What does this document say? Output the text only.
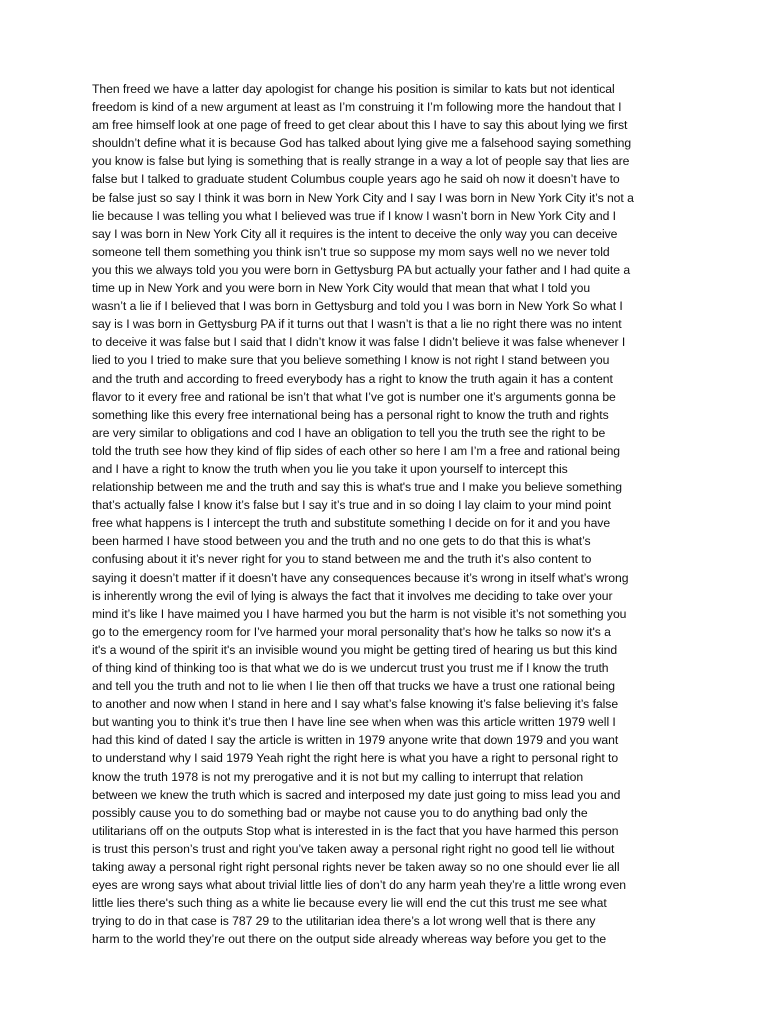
Then freed we have a latter day apologist for change his position is similar to kats but not identical
freedom is kind of a new argument at least as I’m construing it I’m following more the handout that I
am free himself look at one page of freed to get clear about this I have to say this about lying we first
shouldn’t define what it is because God has talked about lying give me a falsehood saying something
you know is false but lying is something that is really strange in a way a lot of people say that lies are
false but I talked to graduate student Columbus couple years ago he said oh now it doesn’t have to
be false just so say I think it was born in New York City and I say I was born in New York City it’s not a
lie because I was telling you what I believed was true if I know I wasn’t born in New York City and I
say I was born in New York City all it requires is the intent to deceive the only way you can deceive
someone tell them something you think isn’t true so suppose my mom says well no we never told
you this we always told you you were born in Gettysburg PA but actually your father and I had quite a
time up in New York and you were born in New York City would that mean that what I told you
wasn’t a lie if I believed that I was born in Gettysburg and told you I was born in New York So what I
say is I was born in Gettysburg PA if it turns out that I wasn’t is that a lie no right there was no intent
to deceive it was false but I said that I didn’t know it was false I didn’t believe it was false whenever I
lied to you I tried to make sure that you believe something I know is not right I stand between you
and the truth and according to freed everybody has a right to know the truth again it has a content
flavor to it every free and rational be isn’t that what I’ve got is number one it’s arguments gonna be
something like this every free international being has a personal right to know the truth and rights
are very similar to obligations and cod I have an obligation to tell you the truth see the right to be
told the truth see how they kind of flip sides of each other so here I am I’m a free and rational being
and I have a right to know the truth when you lie you take it upon yourself to intercept this
relationship between me and the truth and say this is what's true and I make you believe something
that’s actually false I know it’s false but I say it’s true and in so doing I lay claim to your mind point
free what happens is I intercept the truth and substitute something I decide on for it and you have
been harmed I have stood between you and the truth and no one gets to do that this is what’s
confusing about it it’s never right for you to stand between me and the truth it’s also content to
saying it doesn’t matter if it doesn’t have any consequences because it’s wrong in itself what’s wrong
is inherently wrong the evil of lying is always the fact that it involves me deciding to take over your
mind it’s like I have maimed you I have harmed you but the harm is not visible it’s not something you
go to the emergency room for I’ve harmed your moral personality that’s how he talks so now it's a
it's a wound of the spirit it's an invisible wound you might be getting tired of hearing us but this kind
of thing kind of thinking too is that what we do is we undercut trust you trust me if I know the truth
and tell you the truth and not to lie when I lie then off that trucks we have a trust one rational being
to another and now when I stand in here and I say what’s false knowing it’s false believing it’s false
but wanting you to think it’s true then I have line see when when was this article written 1979 well I
had this kind of dated I say the article is written in 1979 anyone write that down 1979 and you want
to understand why I said 1979 Yeah right the right here is what you have a right to personal right to
know the truth 1978 is not my prerogative and it is not but my calling to interrupt that relation
between we knew the truth which is sacred and interposed my date just going to miss lead you and
possibly cause you to do something bad or maybe not cause you to do anything bad only the
utilitarians off on the outputs Stop what is interested in is the fact that you have harmed this person
is trust this person’s trust and right you’ve taken away a personal right right no good tell lie without
taking away a personal right right personal rights never be taken away so no one should ever lie all
eyes are wrong says what about trivial little lies of don’t do any harm yeah they’re a little wrong even
little lies there's such thing as a white lie because every lie will end the cut this trust me see what
trying to do in that case is 787 29 to the utilitarian idea there’s a lot wrong well that is there any
harm to the world they’re out there on the output side already whereas way before you get to the
